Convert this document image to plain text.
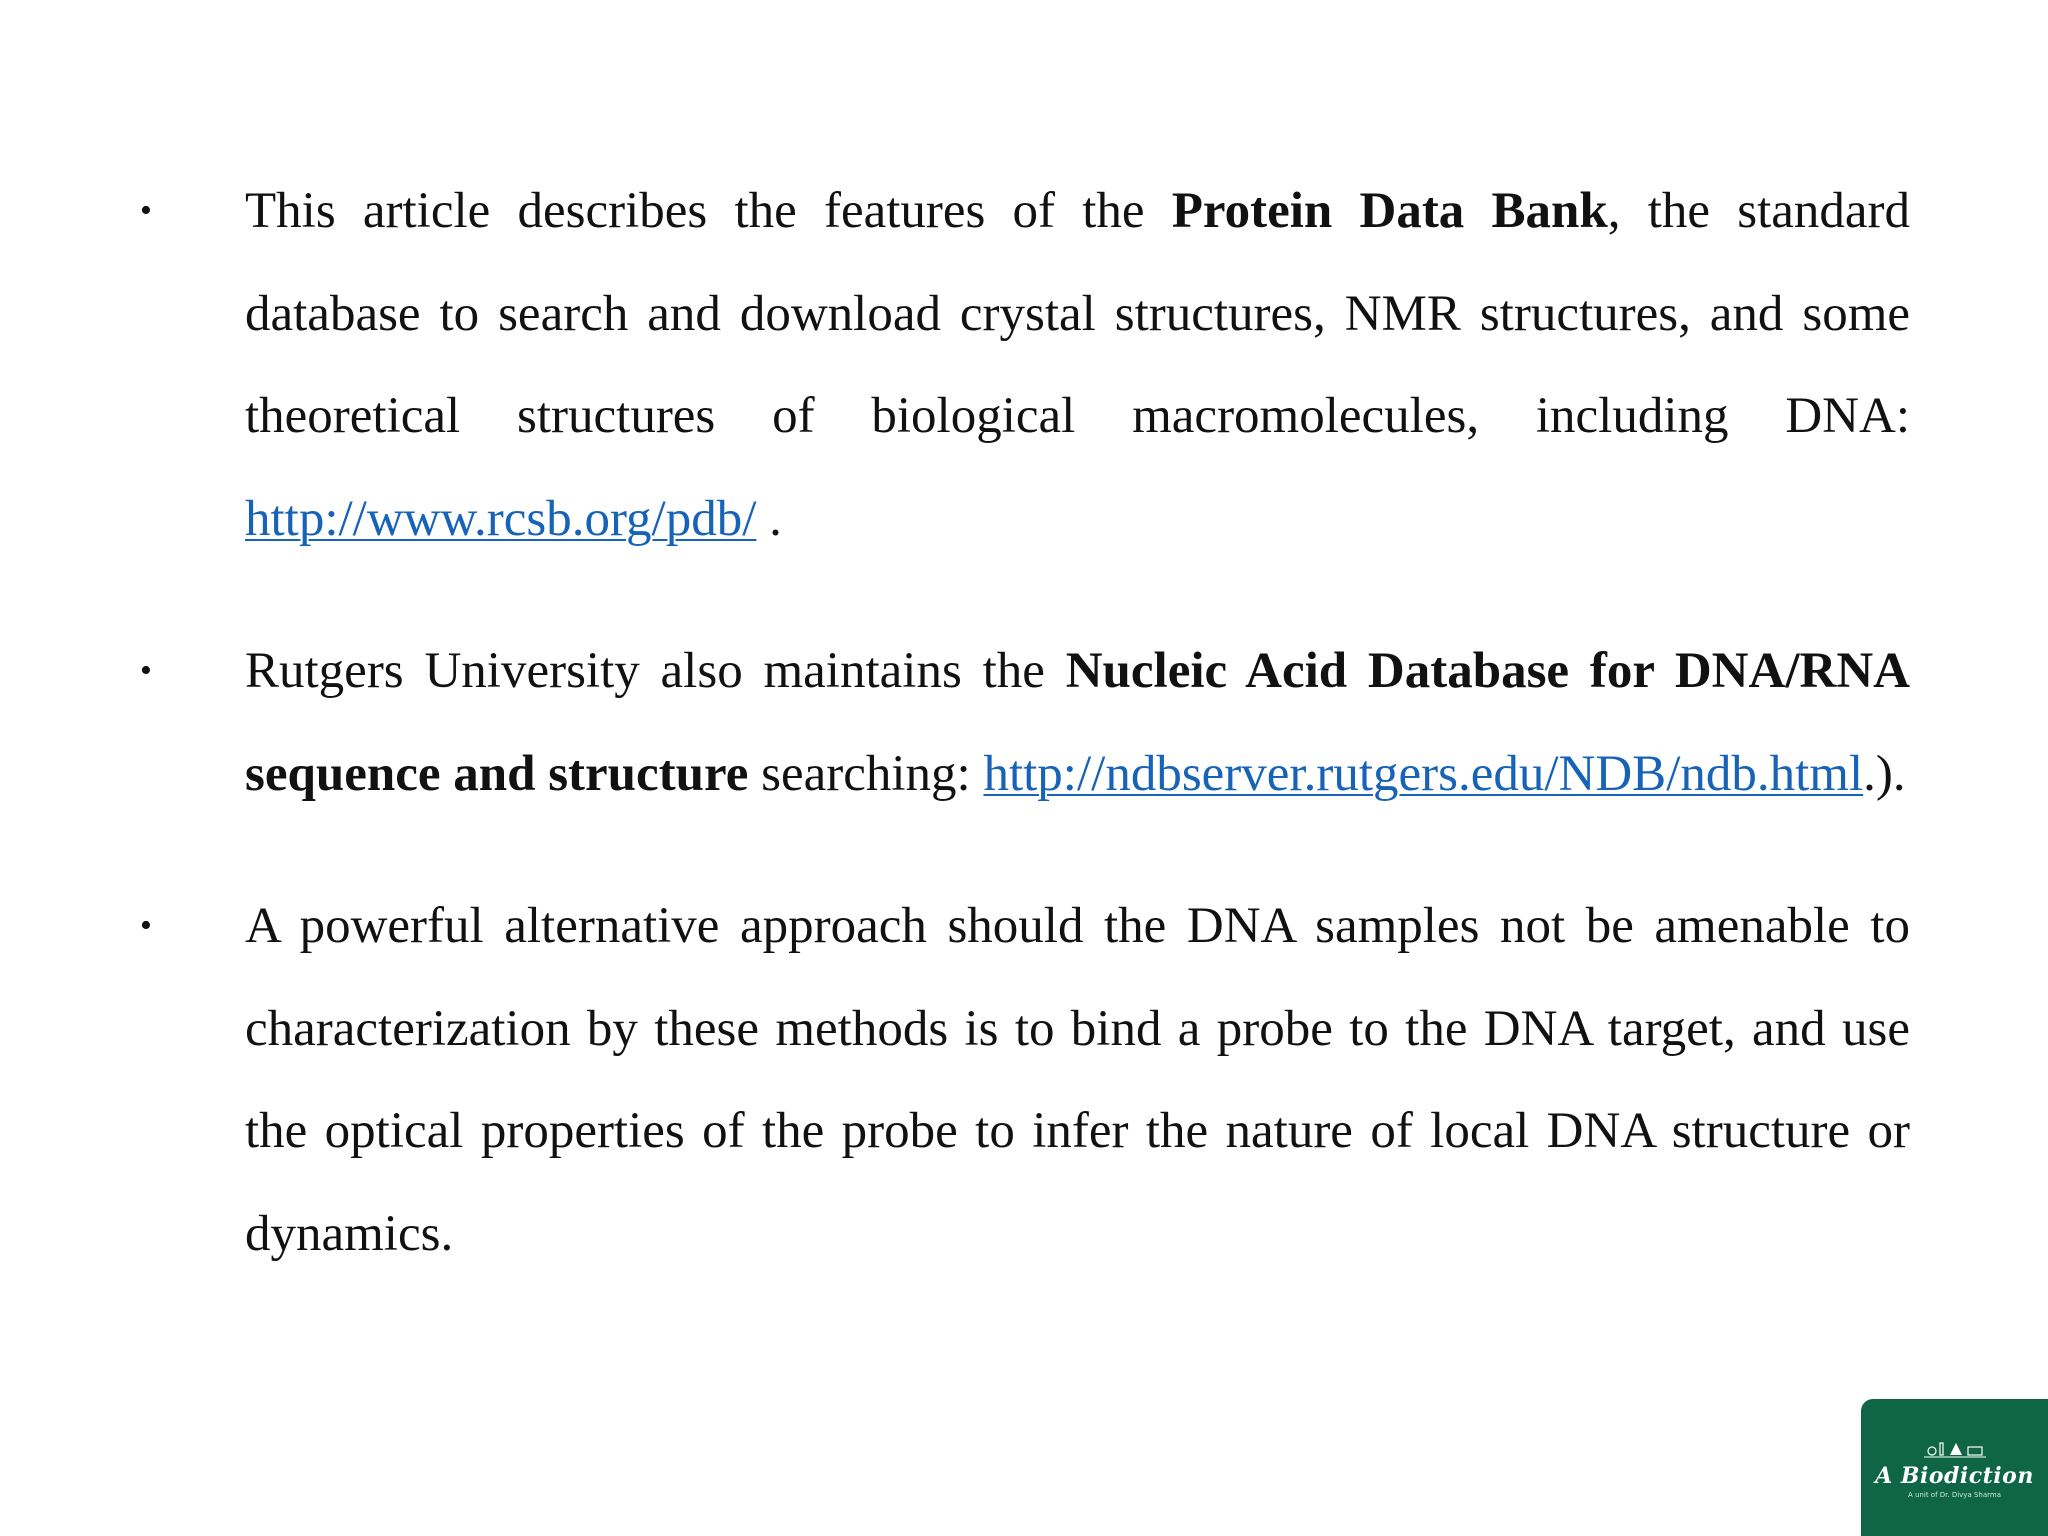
• This article describes the features of the Protein Data Bank, the standard database to search and download crystal structures, NMR structures, and some theoretical structures of biological macromolecules, including DNA: http://www.rcsb.org/pdb/ .

• Rutgers University also maintains the Nucleic Acid Database for DNA/RNA sequence and structure searching: http://ndbserver.rutgers.edu/NDB/ndb.html.).

• A powerful alternative approach should the DNA samples not be amenable to characterization by these methods is to bind a probe to the DNA target, and use the optical properties of the probe to infer the nature of local DNA structure or dynamics.

A Biodiction
A unit of Dr. Divya Sharma
